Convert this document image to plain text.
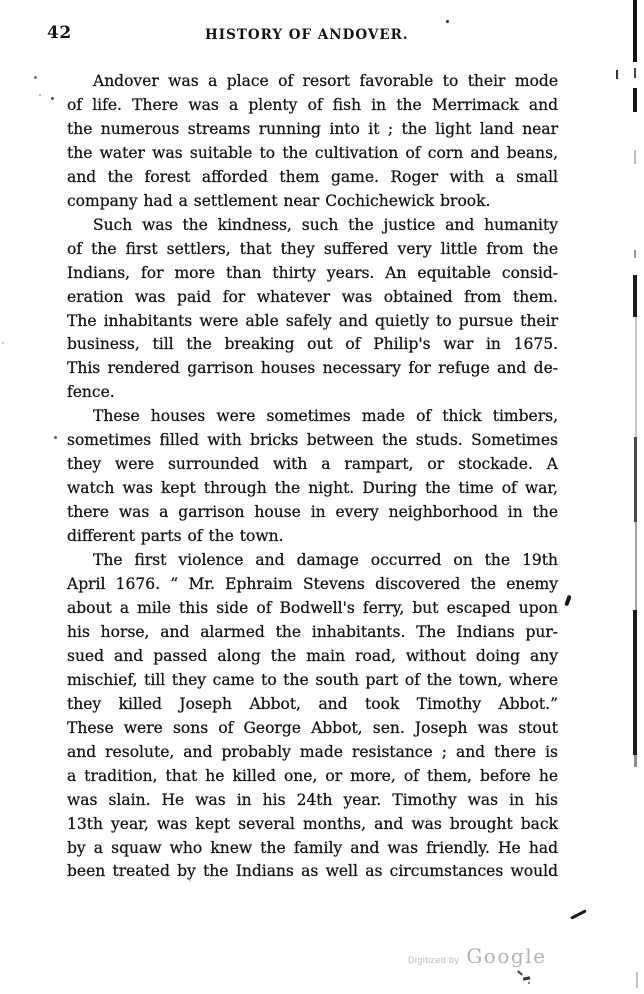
42	HISTORY OF ANDOVER.
Andover was a place of resort favorable to their mode
of life. There was a plenty of fish in the Merrimack and
the numerous streams running into it ; the light land near
the water was suitable to the cultivation of corn and beans,
and the forest afforded them game. Roger with a small
company had a settlement near Cochichewick brook.
Such was the kindness, such the justice and humanity
of the first settlers, that they suffered very little from the
Indians, for more than thirty years. An equitable consid-
eration was paid for whatever was obtained from them.
The inhabitants were able safely and quietly to pursue their
business, till the breaking out of Philip's war in 1675.
This rendered garrison houses necessary for refuge and de-
fence.
These houses were sometimes made of thick timbers,
sometimes filled with bricks between the studs. Sometimes
they were surrounded with a rampart, or stockade. A
watch was kept through the night. During the time of war,
there was a garrison house in every neighborhood in the
different parts of the town.
The first violence and damage occurred on the 19th
April 1676. “ Mr. Ephraim Stevens discovered the enemy
about a mile this side of Bodwell's ferry, but escaped upon
his horse, and alarmed the inhabitants. The Indians pur-
sued and passed along the main road, without doing any
mischief, till they came to the south part of the town, where
they killed Joseph Abbot, and took Timothy Abbot.”
These were sons of George Abbot, sen. Joseph was stout
and resolute, and probably made resistance ; and there is
a tradition, that he killed one, or more, of them, before he
was slain. He was in his 24th year. Timothy was in his
13th year, was kept several months, and was brought back
by a squaw who knew the family and was friendly. He had
been treated by the Indians as well as circumstances would
Digitized by Google
